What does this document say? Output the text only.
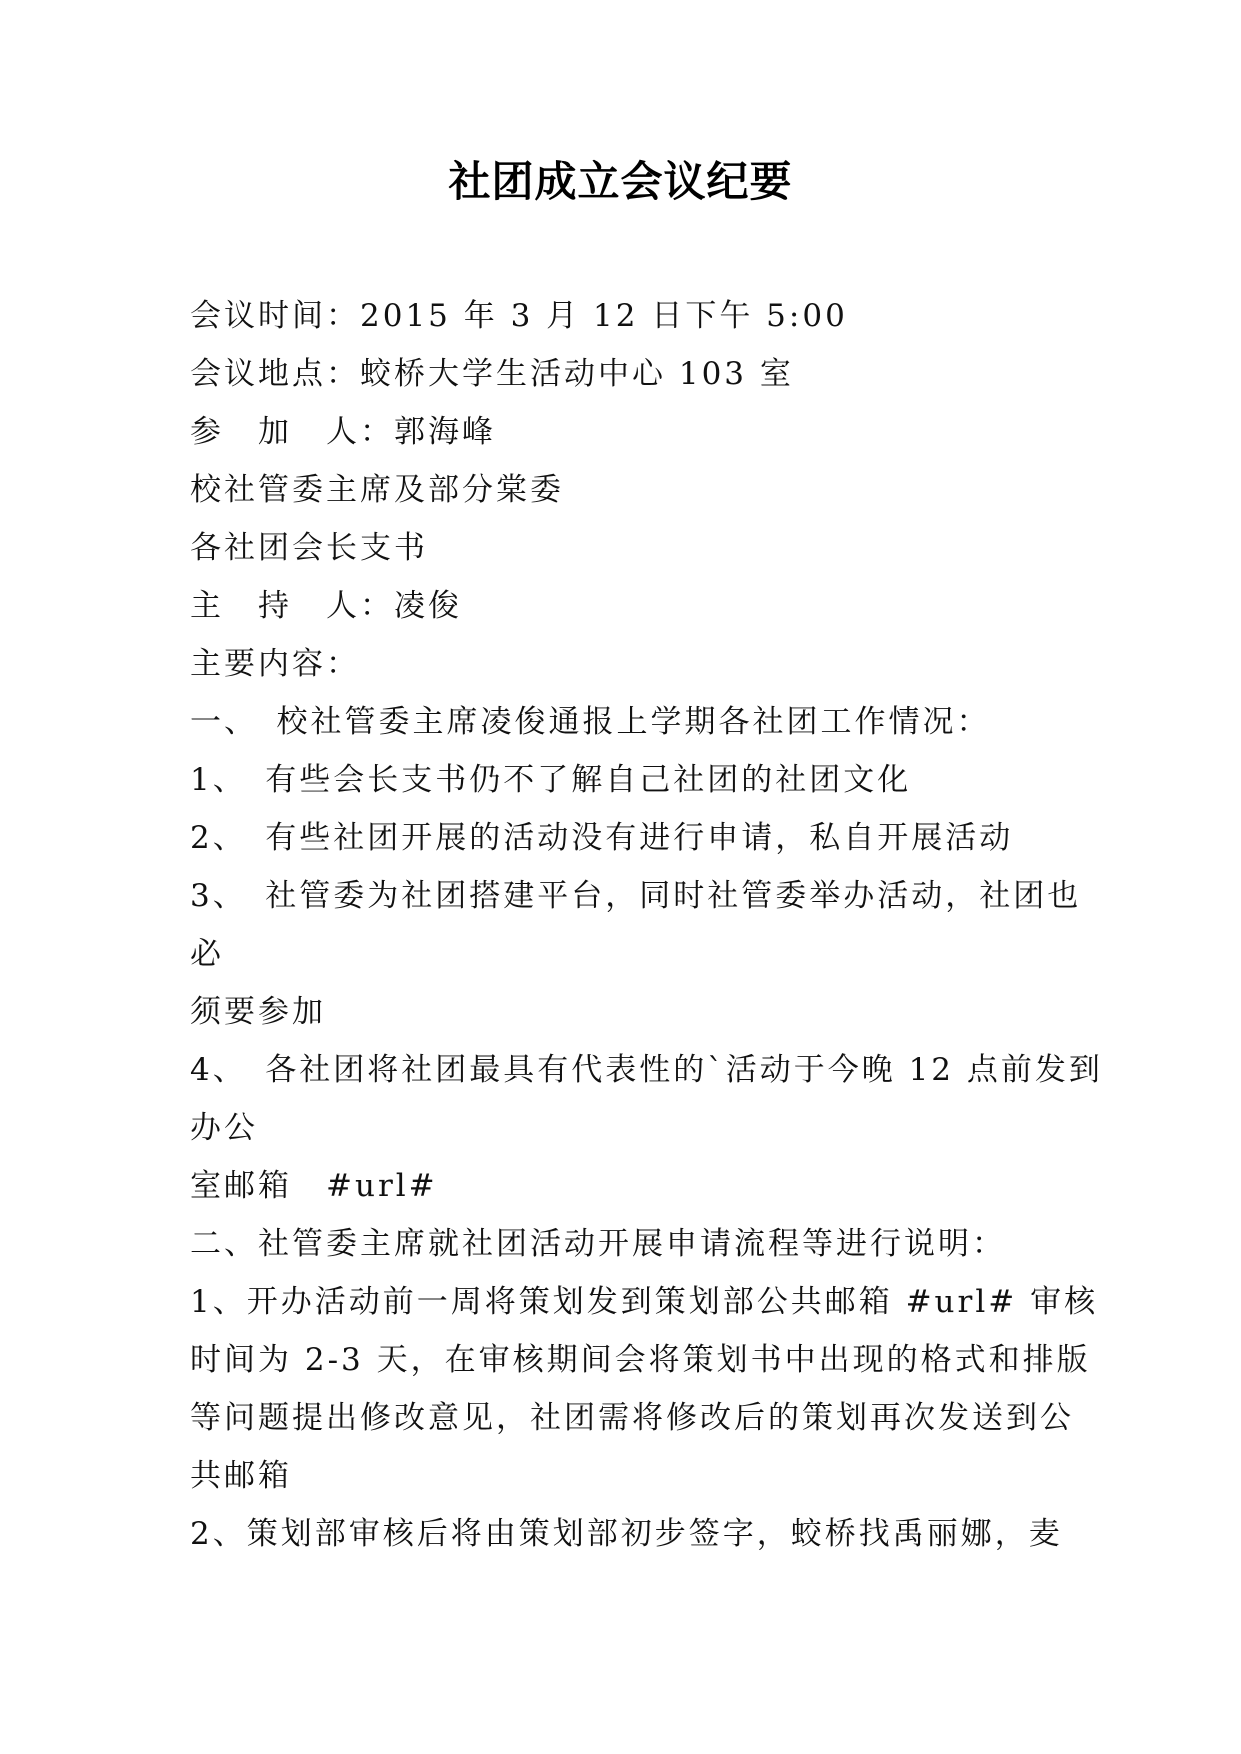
社团成立会议纪要
会议时间：2015 年 3 月 12 日下午 5:00
会议地点：蛟桥大学生活动中心 103 室
参　加　人：郭海峰
校社管委主席及部分棠委
各社团会长支书
主　持　人：凌俊
主要内容：
一、　校社管委主席凌俊通报上学期各社团工作情况：
1、　有些会长支书仍不了解自己社团的社团文化
2、　有些社团开展的活动没有进行申请，私自开展活动
3、　社管委为社团搭建平台，同时社管委举办活动，社团也
必
须要参加
4、　各社团将社团最具有代表性的`活动于今晚 12 点前发到
办公
室邮箱　#url#
二、社管委主席就社团活动开展申请流程等进行说明：
1、开办活动前一周将策划发到策划部公共邮箱 #url# 审核
时间为 2-3 天，在审核期间会将策划书中出现的格式和排版
等问题提出修改意见，社团需将修改后的策划再次发送到公
共邮箱
2、策划部审核后将由策划部初步签字，蛟桥找禹丽娜，麦
